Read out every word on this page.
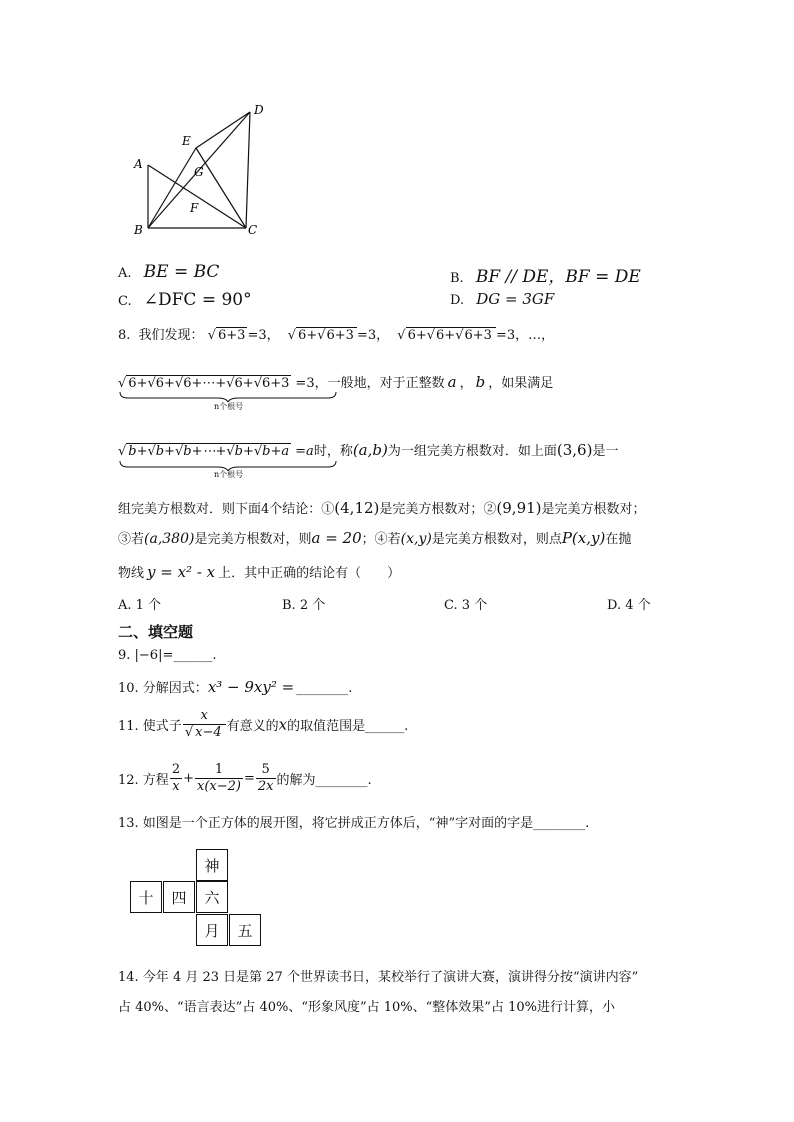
A
B	C
D
E
G
F
A. BE = BC	B. BF // DE，BF = DE
C. ∠DFC = 90°	D. DG = 3GF
8. 我们发现： √ 6+3 =3， √ 6+√6+3 =3， √ 6+√6+√6+3 =3，…，
√ 6+√6+√6+⋯+√6+√6+3 =3，一般地，对于正整数 a ， b ，如果满足
n个根号
√ b+√b+√b+⋯+√b+√b+a =a时，称(a,b)为一组完美方根数对．如上面(3,6)是一
n个根号
组完美方根数对．则下面4个结论：①(4,12)是完美方根数对；②(9,91)是完美方根数对；
③若(a,380)是完美方根数对，则a = 20；④若(x,y)是完美方根数对，则点P(x,y)在抛
物线 y = x² - x 上．其中正确的结论有（　　）
A. 1 个	B. 2 个	C. 3 个	D. 4 个
二、填空题
9. |−6|=______.
10. 分解因式：x³ − 9xy² = ________.
11. 使式子 $\frac{x}{√ x-4}$ 有意义的x的取值范围是______.
12. 方程 $\frac{2}{x} + \frac{1}{x(x-2)} = \frac{5}{2x}$ 的解为________.
13. 如图是一个正方体的展开图，将它拼成正方体后，“神”字对面的字是________.
神
十	四	六
月	五
14. 今年 4 月 23 日是第 27 个世界读书日，某校举行了演讲大赛，演讲得分按“演讲内容”
占 40%、“语言表达”占 40%、“形象风度”占 10%、“整体效果”占 10%进行计算，小
